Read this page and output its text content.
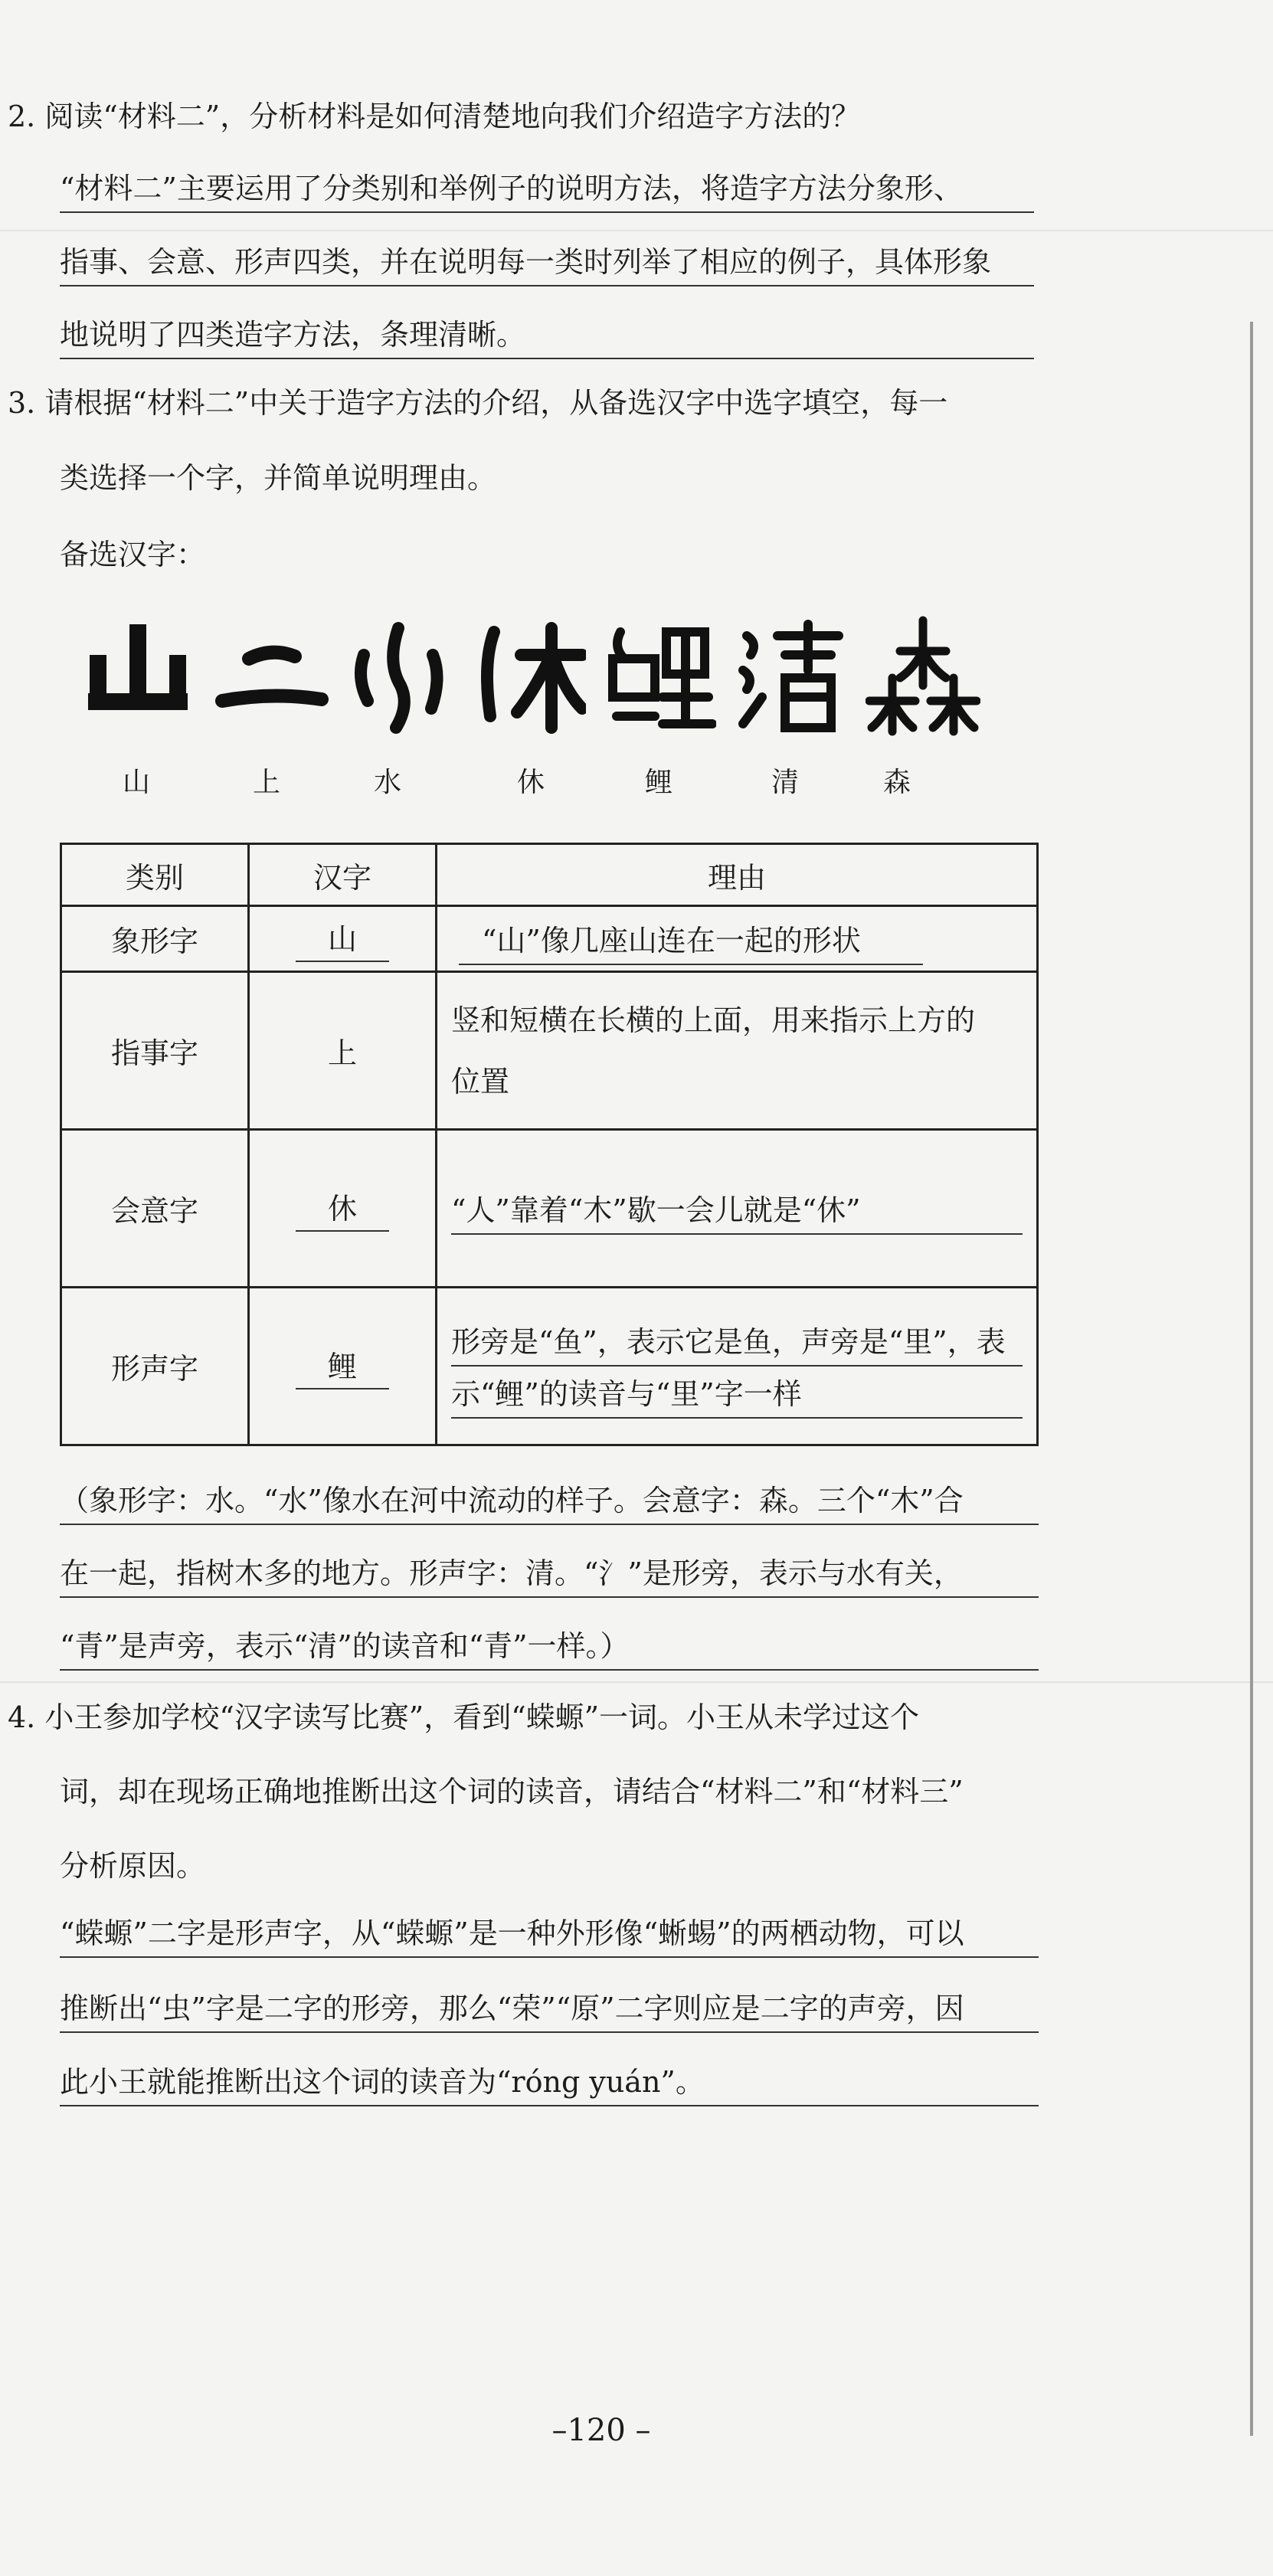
2. 阅读“材料二”，分析材料是如何清楚地向我们介绍造字方法的？
“材料二”主要运用了分类别和举例子的说明方法，将造字方法分象形、
指事、会意、形声四类，并在说明每一类时列举了相应的例子，具体形象
地说明了四类造字方法，条理清晰。
3. 请根据“材料二”中关于造字方法的介绍，从备选汉字中选字填空，每一
类选择一个字，并简单说明理由。
备选汉字：
山	上	水	休	鲤	清	森
类别	汉字	理由
象形字	山	“山”像几座山连在一起的形状

指事字	上	竖和短横在长横的上面，用来指示上方的
位置

会意字	休	“人”靠着“木”歇一会儿就是“休”

形声字	鲤	形旁是“鱼”，表示它是鱼，声旁是“里”，表
示“鲤”的读音与“里”字一样
（象形字：水。“水”像水在河中流动的样子。会意字：森。三个“木”合
在一起，指树木多的地方。形声字：清。“氵”是形旁，表示与水有关，
“青”是声旁，表示“清”的读音和“青”一样。）
4. 小王参加学校“汉字读写比赛”，看到“蝾螈”一词。小王从未学过这个
词，却在现场正确地推断出这个词的读音，请结合“材料二”和“材料三”
分析原因。
“蝾螈”二字是形声字，从“蝾螈”是一种外形像“蜥蜴”的两栖动物，可以
推断出“虫”字是二字的形旁，那么“荣”“原”二字则应是二字的声旁，因
此小王就能推断出这个词的读音为“róng yuán”。
–120 –
